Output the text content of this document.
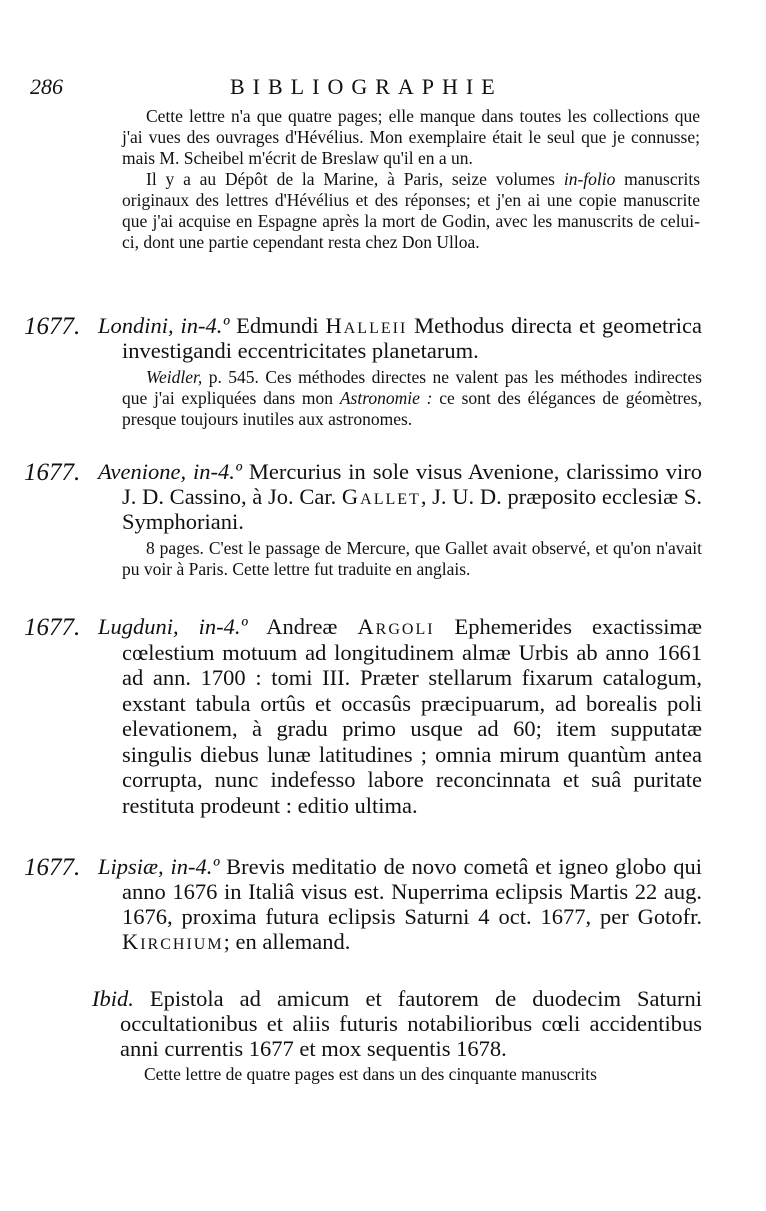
286	BIBLIOGRAPHIE

Cette lettre n'a que quatre pages; elle manque dans toutes les collections que j'ai vues des ouvrages d'Hévélius. Mon exemplaire était le seul que je connusse; mais M. Scheibel m'écrit de Breslaw qu'il en a un.

Il y a au Dépôt de la Marine, à Paris, seize volumes in-folio manuscrits originaux des lettres d'Hévélius et des réponses; et j'en ai une copie manuscrite que j'ai acquise en Espagne après la mort de Godin, avec les manuscrits de celui-ci, dont une partie cependant resta chez Don Ulloa.

1677. Londini, in-4.º Edmundi Halleii Methodus directa et geometrica investigandi eccentricitates planetarum.

Weidler, p. 545. Ces méthodes directes ne valent pas les méthodes indirectes que j'ai expliquées dans mon Astronomie : ce sont des élégances de géomètres, presque toujours inutiles aux astronomes.

1677. Avenione, in-4.º Mercurius in sole visus Avenione, clarissimo viro J. D. Cassino, à Jo. Car. Gallet, J. U. D. præposito ecclesiæ S. Symphoriani.
8 pages. C'est le passage de Mercure, que Gallet avait observé, et qu'on n'avait pu voir à Paris. Cette lettre fut traduite en anglais.
1677. Lugduni, in-4.º Andreæ Argoli Ephemerides exactissimæ cœlestium motuum ad longitudinem almæ Urbis ab anno 1661 ad ann. 1700 : tomi III. Præter stellarum fixarum catalogum, exstant tabula ortûs et occasûs præcipuarum, ad borealis poli elevationem, à gradu primo usque ad 60; item supputatæ singulis diebus lunæ latitudines ; omnia mirum quantùm antea corrupta, nunc indefesso labore reconcinnata et suâ puritate restituta prodeunt : editio ultima.
1677. Lipsiæ, in-4.º Brevis meditatio de novo cometâ et igneo globo qui anno 1676 in Italiâ visus est. Nuperrima eclipsis Martis 22 aug. 1676, proxima futura eclipsis Saturni 4 oct. 1677, per Gotofr. Kirchium; en allemand.
Ibid. Epistola ad amicum et fautorem de duodecim Saturni occultationibus et aliis futuris notabilioribus cœli accidentibus anni currentis 1677 et mox sequentis 1678.
Cette lettre de quatre pages est dans un des cinquante manuscrits
